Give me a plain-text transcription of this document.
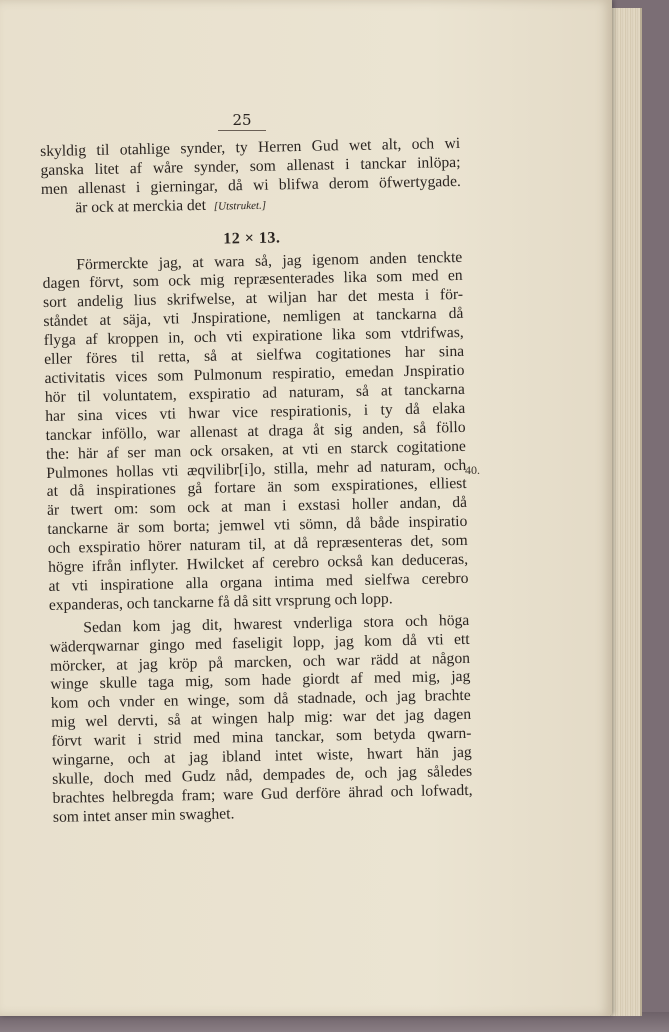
25
skyldig til otahlige synder, ty Herren Gud wet alt, och wi
ganska litet af wåre synder, som allenast i tanckar inlöpa;
men allenast i gierningar, då wi blifwa derom öfwertygade.
är ock at merckia det [Utstruket.]
12 × 13.
Förmerckte jag, at wara så, jag igenom anden tenckte
dagen förvt, som ock mig repræsenterades lika som med en
sort andelig lius skrifwelse, at wiljan har det mesta i för-
ståndet at säja, vti Jnspiratione, nemligen at tanckarna då
flyga af kroppen in, och vti expiratione lika som vtdrifwas,
eller föres til retta, så at sielfwa cogitationes har sina
activitatis vices som Pulmonum respiratio, emedan Jnspiratio
hör til voluntatem, exspiratio ad naturam, så at tanckarna
har sina vices vti hwar vice respirationis, i ty då elaka
tanckar inföllo, war allenast at draga åt sig anden, så föllo
the: här af ser man ock orsaken, at vti en starck cogitatione
Pulmones hollas vti æqvilibr[i]o, stilla, mehr ad naturam, och
at då inspirationes gå fortare än som exspirationes, elliest
är twert om: som ock at man i exstasi holler andan, då
tanckarne är som borta; jemwel vti sömn, då både inspiratio
och exspiratio hörer naturam til, at då repræsenteras det, som
högre ifrån inflyter. Hwilcket af cerebro också kan deduceras,
at vti inspiratione alla organa intima med sielfwa cerebro
expanderas, och tanckarne få då sitt vrsprung och lopp.
Sedan kom jag dit, hwarest vnderliga stora och höga
wäderqwarnar gingo med faseligit lopp, jag kom då vti ett
mörcker, at jag kröp på marcken, och war rädd at någon
winge skulle taga mig, som hade giordt af med mig, jag
kom och vnder en winge, som då stadnade, och jag brachte
mig wel dervti, så at wingen halp mig: war det jag dagen
förvt warit i strid med mina tanckar, som betyda qwarn-
wingarne, och at jag ibland intet wiste, hwart hän jag
skulle, doch med Gudz nåd, dempades de, och jag således
brachtes helbregda fram; ware Gud derföre ährad och lofwadt,
som intet anser min swaghet.
40.
